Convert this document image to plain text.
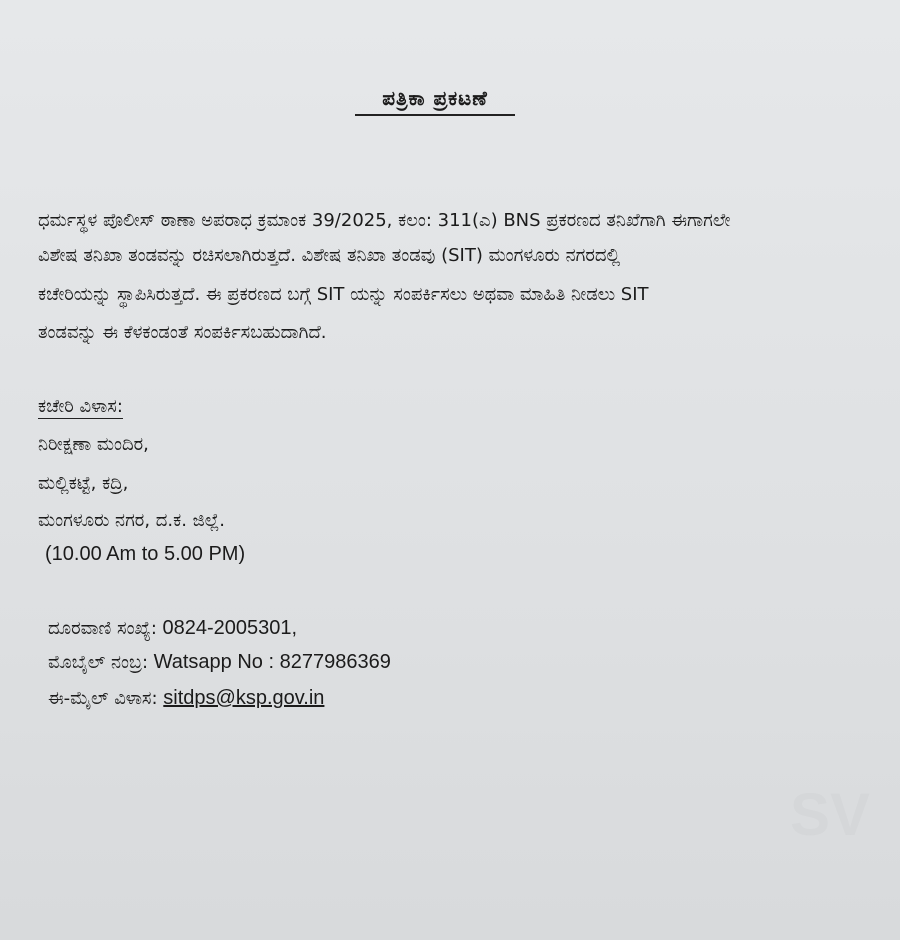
ಪತ್ರಿಕಾ ಪ್ರಕಟಣೆ
ಧರ್ಮಸ್ಥಳ ಪೊಲೀಸ್ ಠಾಣಾ ಅಪರಾಧ ಕ್ರಮಾಂಕ 39/2025, ಕಲಂ: 311(ಎ) BNS ಪ್ರಕರಣದ ತನಿಖೆಗಾಗಿ ಈಗಾಗಲೇ
ವಿಶೇಷ ತನಿಖಾ ತಂಡವನ್ನು ರಚಿಸಲಾಗಿರುತ್ತದೆ. ವಿಶೇಷ ತನಿಖಾ ತಂಡವು (SIT) ಮಂಗಳೂರು ನಗರದಲ್ಲಿ
ಕಚೇರಿಯನ್ನು ಸ್ಥಾಪಿಸಿರುತ್ತದೆ. ಈ ಪ್ರಕರಣದ ಬಗ್ಗೆ SIT ಯನ್ನು ಸಂಪರ್ಕಿಸಲು ಅಥವಾ ಮಾಹಿತಿ ನೀಡಲು SIT
ತಂಡವನ್ನು ಈ ಕೆಳಕಂಡಂತೆ ಸಂಪರ್ಕಿಸಬಹುದಾಗಿದೆ.
ಕಚೇರಿ ವಿಳಾಸ:
ನಿರೀಕ್ಷಣಾ ಮಂದಿರ,
ಮಲ್ಲಿಕಟ್ಟೆ, ಕದ್ರಿ,
ಮಂಗಳೂರು ನಗರ, ದ.ಕ. ಜಿಲ್ಲೆ.
(10.00 Am to 5.00 PM)
ದೂರವಾಣಿ ಸಂಖ್ಯೆ: 0824-2005301,
ಮೊಬೈಲ್ ನಂಬ್ರ: Watsapp No : 8277986369
ಈ-ಮೈಲ್ ವಿಳಾಸ: sitdps@ksp.gov.in
SV
